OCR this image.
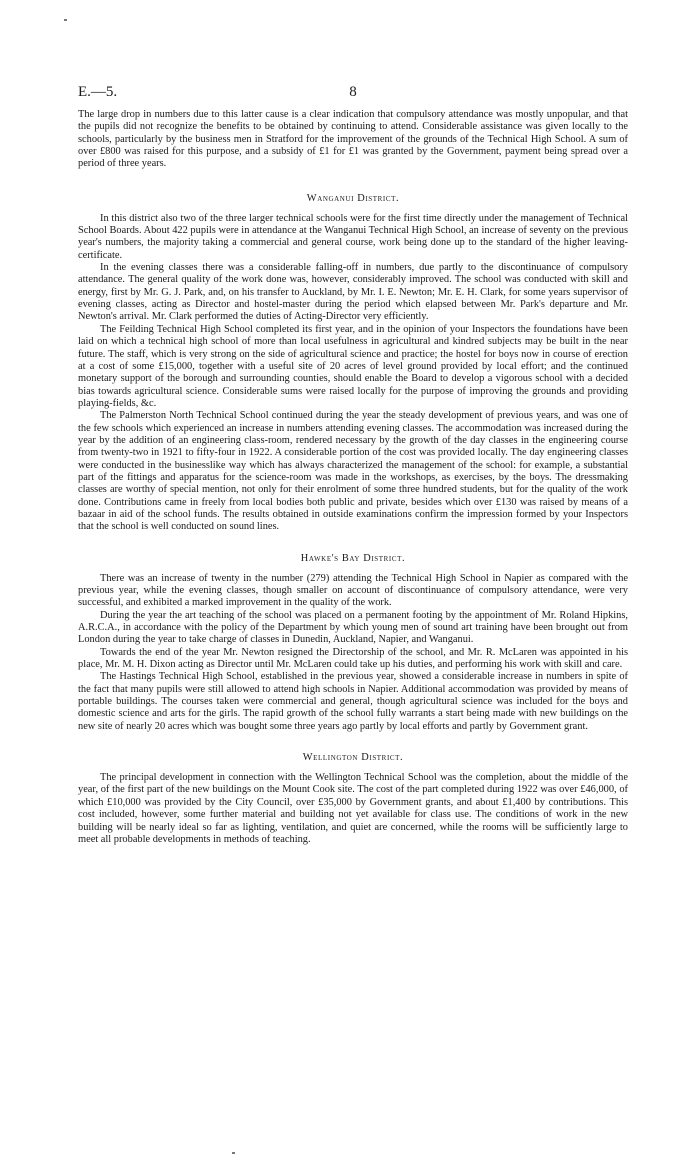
E.—5.	8

The large drop in numbers due to this latter cause is a clear indication that compulsory attendance was mostly unpopular, and that the pupils did not recognize the benefits to be obtained by continuing to attend. Considerable assistance was given locally to the schools, particularly by the business men in Stratford for the improvement of the grounds of the Technical High School. A sum of over £800 was raised for this purpose, and a subsidy of £1 for £1 was granted by the Government, payment being spread over a period of three years.

Wanganui District.

In this district also two of the three larger technical schools were for the first time directly under the management of Technical School Boards. About 422 pupils were in attendance at the Wanganui Technical High School, an increase of seventy on the previous year's numbers, the majority taking a commercial and general course, work being done up to the standard of the higher leaving-certificate.

In the evening classes there was a considerable falling-off in numbers, due partly to the discontinuance of compulsory attendance. The general quality of the work done was, however, considerably improved. The school was conducted with skill and energy, first by Mr. G. J. Park, and, on his transfer to Auckland, by Mr. I. E. Newton; Mr. E. H. Clark, for some years supervisor of evening classes, acting as Director and hostel-master during the period which elapsed between Mr. Park's departure and Mr. Newton's arrival. Mr. Clark performed the duties of Acting-Director very efficiently.

The Feilding Technical High School completed its first year, and in the opinion of your Inspectors the foundations have been laid on which a technical high school of more than local usefulness in agricultural and kindred subjects may be built in the near future. The staff, which is very strong on the side of agricultural science and practice; the hostel for boys now in course of erection at a cost of some £15,000, together with a useful site of 20 acres of level ground provided by local effort; and the continued monetary support of the borough and surrounding counties, should enable the Board to develop a vigorous school with a decided bias towards agricultural science. Considerable sums were raised locally for the purpose of improving the grounds and providing playing-fields, &c.

The Palmerston North Technical School continued during the year the steady development of previous years, and was one of the few schools which experienced an increase in numbers attending evening classes. The accommodation was increased during the year by the addition of an engineering class-room, rendered necessary by the growth of the day classes in the engineering course from twenty-two in 1921 to fifty-four in 1922. A considerable portion of the cost was provided locally. The day engineering classes were conducted in the businesslike way which has always characterized the management of the school: for example, a substantial part of the fittings and apparatus for the science-room was made in the workshops, as exercises, by the boys. The dressmaking classes are worthy of special mention, not only for their enrolment of some three hundred students, but for the quality of the work done. Contributions came in freely from local bodies both public and private, besides which over £130 was raised by means of a bazaar in aid of the school funds. The results obtained in outside examinations confirm the impression formed by your Inspectors that the school is well conducted on sound lines.

Hawke's Bay District.

There was an increase of twenty in the number (279) attending the Technical High School in Napier as compared with the previous year, while the evening classes, though smaller on account of discontinuance of compulsory attendance, were very successful, and exhibited a marked improvement in the quality of the work.

During the year the art teaching of the school was placed on a permanent footing by the appointment of Mr. Roland Hipkins, A.R.C.A., in accordance with the policy of the Department by which young men of sound art training have been brought out from London during the year to take charge of classes in Dunedin, Auckland, Napier, and Wanganui.

Towards the end of the year Mr. Newton resigned the Directorship of the school, and Mr. R. McLaren was appointed in his place, Mr. M. H. Dixon acting as Director until Mr. McLaren could take up his duties, and performing his work with skill and care.

The Hastings Technical High School, established in the previous year, showed a considerable increase in numbers in spite of the fact that many pupils were still allowed to attend high schools in Napier. Additional accommodation was provided by means of portable buildings. The courses taken were commercial and general, though agricultural science was included for the boys and domestic science and arts for the girls. The rapid growth of the school fully warrants a start being made with new buildings on the new site of nearly 20 acres which was bought some three years ago partly by local efforts and partly by Government grant.

Wellington District.

The principal development in connection with the Wellington Technical School was the completion, about the middle of the year, of the first part of the new buildings on the Mount Cook site. The cost of the part completed during 1922 was over £46,000, of which £10,000 was provided by the City Council, over £35,000 by Government grants, and about £1,400 by contributions. This cost included, however, some further material and building not yet available for class use. The conditions of work in the new building will be nearly ideal so far as lighting, ventilation, and quiet are concerned, while the rooms will be sufficiently large to meet all probable developments in methods of teaching.
